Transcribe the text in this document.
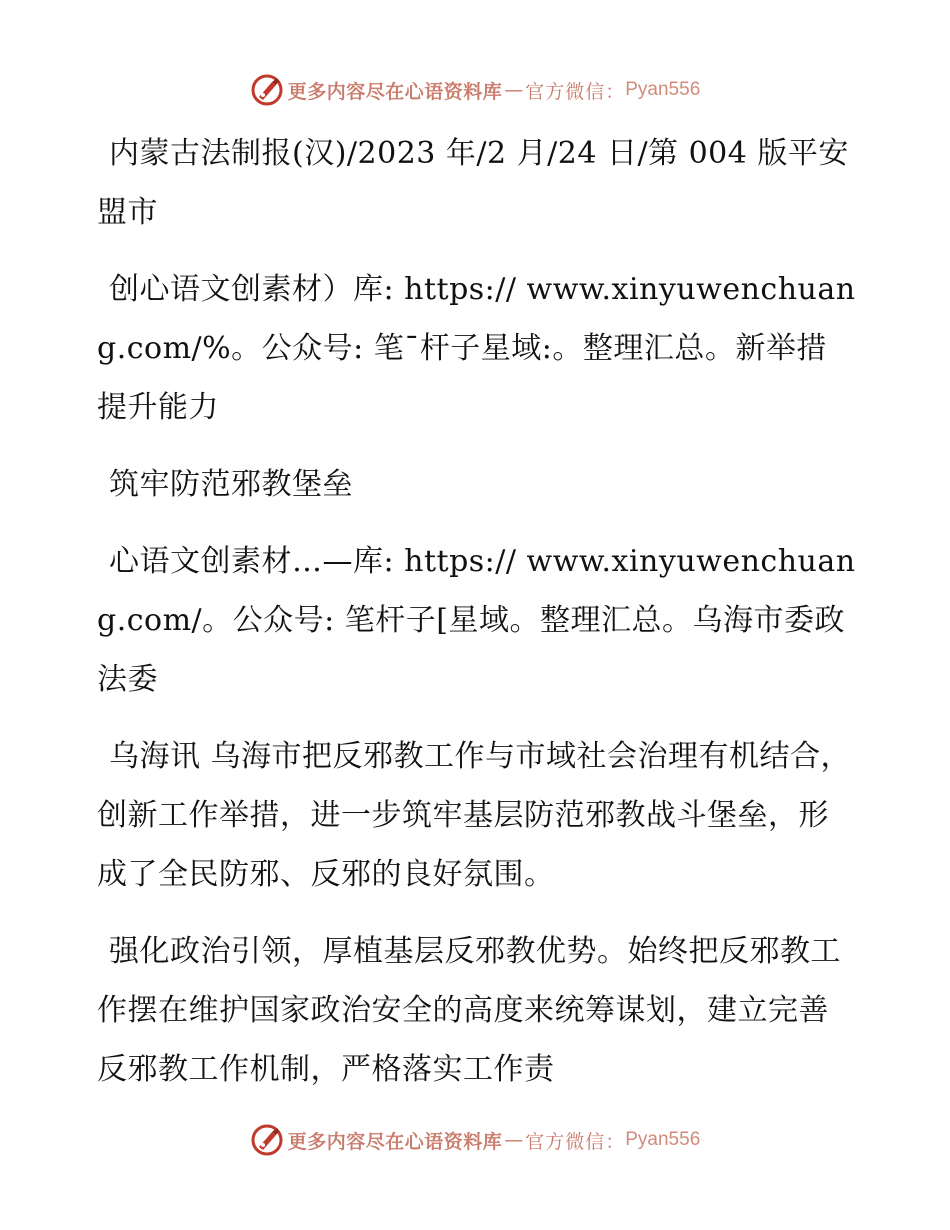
更多内容尽在心语资料库 — 官方微信： Pyan556

内蒙古法制报(汉)/2023 年/2 月/24 日/第 004 版平安盟市

创心语文创素材）库: https:// www.xinyuwenchuang.com/%。公众号: 笔¯杆子星域:。整理汇总。新举措提升能力

筑牢防范邪教堡垒

心语文创素材…—库: https:// www.xinyuwenchuang.com/。公众号: 笔杆子[星域。整理汇总。乌海市委政法委

乌海讯 乌海市把反邪教工作与市域社会治理有机结合，创新工作举措，进一步筑牢基层防范邪教战斗堡垒，形成了全民防邪、反邪的良好氛围。

强化政治引领，厚植基层反邪教优势。始终把反邪教工作摆在维护国家政治安全的高度来统筹谋划，建立完善反邪教工作机制，严格落实工作责

更多内容尽在心语资料库 — 官方微信： Pyan556
